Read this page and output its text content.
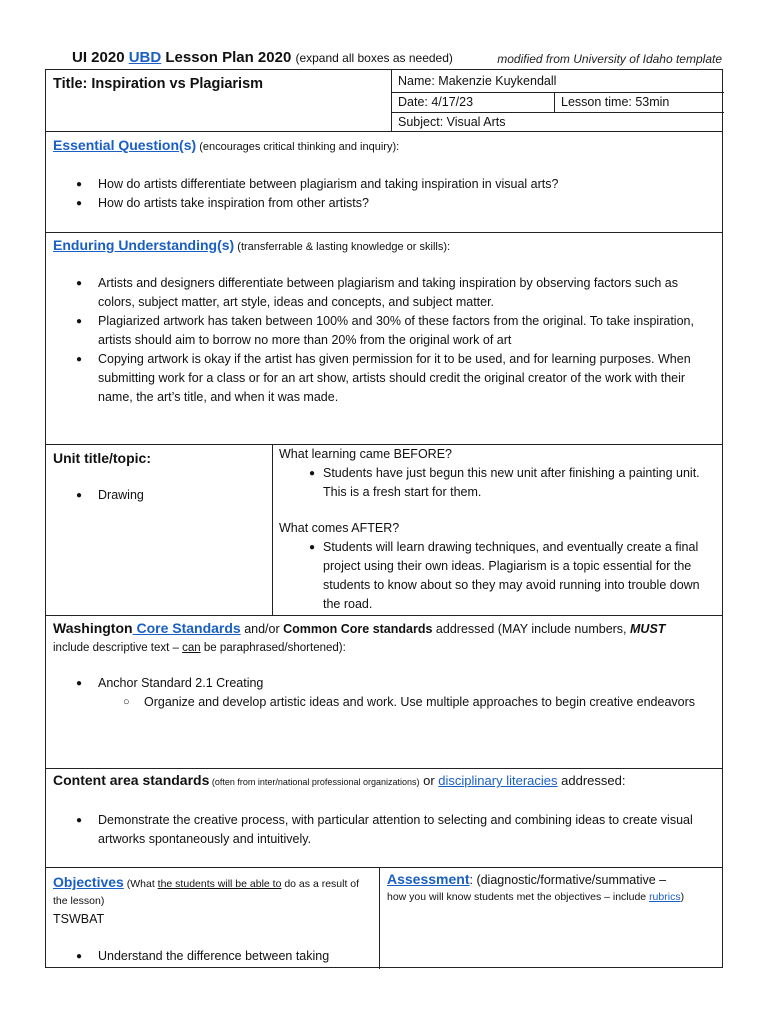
UI 2020 UBD Lesson Plan 2020 (expand all boxes as needed)	modified from University of Idaho template
Title: Inspiration vs Plagiarism	Name: Makenzie Kuykendall
Date: 4/17/23	Lesson time: 53min
Subject: Visual Arts
Essential Question(s) (encourages critical thinking and inquiry):
● How do artists differentiate between plagiarism and taking inspiration in visual arts?
● How do artists take inspiration from other artists?
Enduring Understanding(s) (transferrable & lasting knowledge or skills):
● Artists and designers differentiate between plagiarism and taking inspiration by observing factors such as colors, subject matter, art style, ideas and concepts, and subject matter.
● Plagiarized artwork has taken between 100% and 30% of these factors from the original. To take inspiration, artists should aim to borrow no more than 20% from the original work of art
● Copying artwork is okay if the artist has given permission for it to be used, and for learning purposes. When submitting work for a class or for an art show, artists should credit the original creator of the work with their name, the art’s title, and when it was made.
Unit title/topic:
● Drawing
What learning came BEFORE?
● Students have just begun this new unit after finishing a painting unit. This is a fresh start for them.
What comes AFTER?
● Students will learn drawing techniques, and eventually create a final project using their own ideas. Plagiarism is a topic essential for the students to know about so they may avoid running into trouble down the road.
Washington Core Standards and/or Common Core standards addressed (MAY include numbers, MUST
include descriptive text – can be paraphrased/shortened):
● Anchor Standard 2.1 Creating
○ Organize and develop artistic ideas and work. Use multiple approaches to begin creative endeavors
Content area standards (often from inter/national professional organizations) or disciplinary literacies addressed:
● Demonstrate the creative process, with particular attention to selecting and combining ideas to create visual artworks spontaneously and intuitively.
Objectives (What the students will be able to do as a result of the lesson)
TSWBAT
● Understand the difference between taking
Assessment: (diagnostic/formative/summative –
how you will know students met the objectives – include rubrics)
